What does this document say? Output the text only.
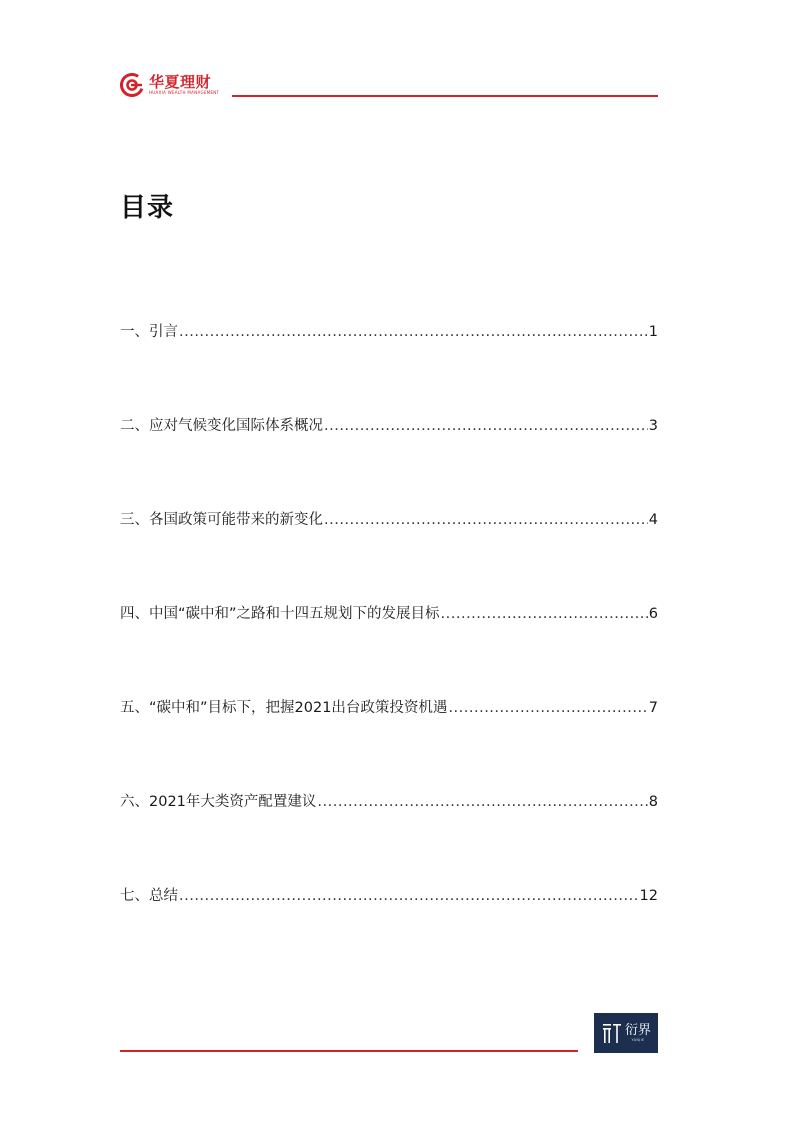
华夏理财
HUAXIA WEALTH MANAGEMENT
目录
一、引言 .....	1
二、应对气候变化国际体系概况 .....	3
三、各国政策可能带来的新变化 .....	4
四、中国“碳中和”之路和十四五规划下的发展目标 .....	6
五、“碳中和”目标下，把握2021出台政策投资机遇 .....	7
六、2021年大类资产配置建议 .....	8
七、总结 .....	12
衍界
YANJIE
